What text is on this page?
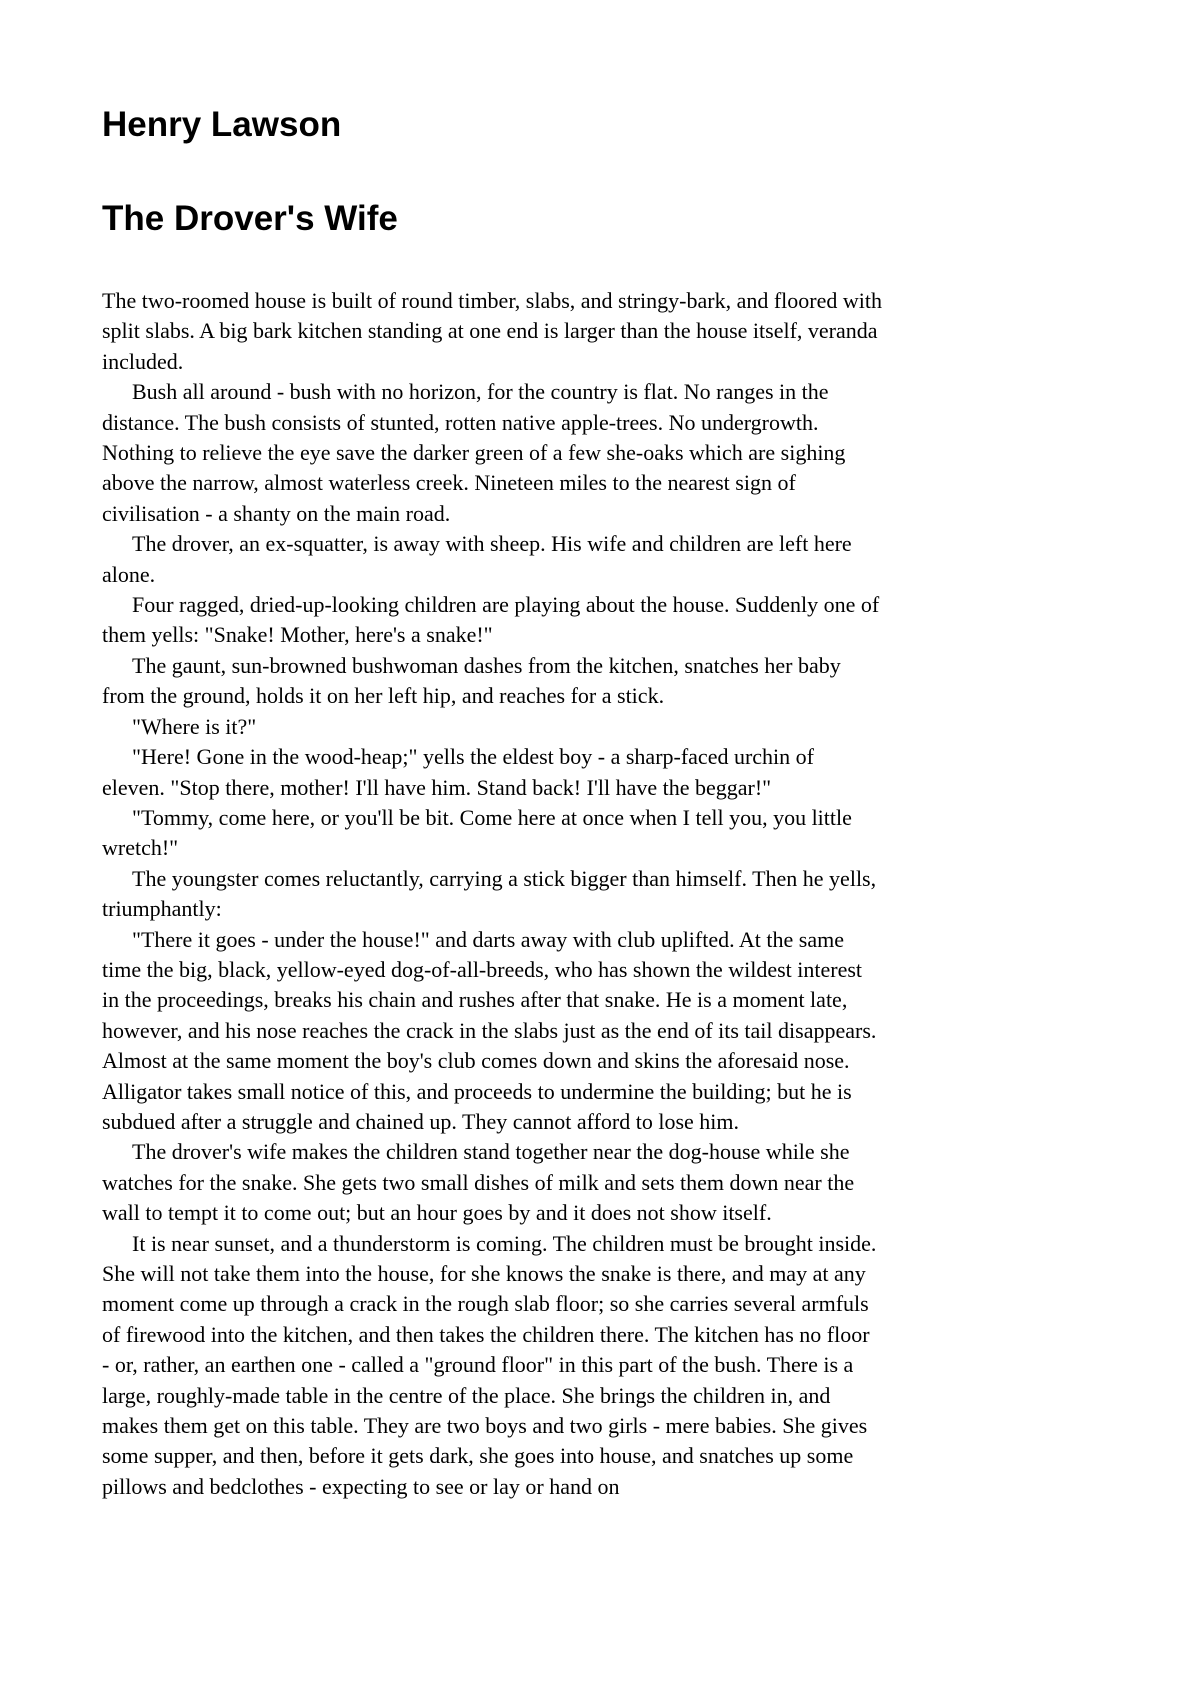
Henry Lawson
The Drover's Wife

The two-roomed house is built of round timber, slabs, and stringy-bark, and floored with split slabs. A big bark kitchen standing at one end is larger than the house itself, veranda included.

Bush all around - bush with no horizon, for the country is flat. No ranges in the distance. The bush consists of stunted, rotten native apple-trees. No undergrowth. Nothing to relieve the eye save the darker green of a few she-oaks which are sighing above the narrow, almost waterless creek. Nineteen miles to the nearest sign of civilisation - a shanty on the main road.

The drover, an ex-squatter, is away with sheep. His wife and children are left here alone.

Four ragged, dried-up-looking children are playing about the house. Suddenly one of them yells: "Snake! Mother, here's a snake!"

The gaunt, sun-browned bushwoman dashes from the kitchen, snatches her baby from the ground, holds it on her left hip, and reaches for a stick.

"Where is it?"

"Here! Gone in the wood-heap;" yells the eldest boy - a sharp-faced urchin of eleven. "Stop there, mother! I'll have him. Stand back! I'll have the beggar!"

"Tommy, come here, or you'll be bit. Come here at once when I tell you, you little wretch!"

The youngster comes reluctantly, carrying a stick bigger than himself. Then he yells, triumphantly:

"There it goes - under the house!" and darts away with club uplifted. At the same time the big, black, yellow-eyed dog-of-all-breeds, who has shown the wildest interest in the proceedings, breaks his chain and rushes after that snake. He is a moment late, however, and his nose reaches the crack in the slabs just as the end of its tail disappears. Almost at the same moment the boy's club comes down and skins the aforesaid nose. Alligator takes small notice of this, and proceeds to undermine the building; but he is subdued after a struggle and chained up. They cannot afford to lose him.

The drover's wife makes the children stand together near the dog-house while she watches for the snake. She gets two small dishes of milk and sets them down near the wall to tempt it to come out; but an hour goes by and it does not show itself.

It is near sunset, and a thunderstorm is coming. The children must be brought inside. She will not take them into the house, for she knows the snake is there, and may at any moment come up through a crack in the rough slab floor; so she carries several armfuls of firewood into the kitchen, and then takes the children there. The kitchen has no floor - or, rather, an earthen one - called a "ground floor" in this part of the bush. There is a large, roughly-made table in the centre of the place. She brings the children in, and makes them get on this table. They are two boys and two girls - mere babies. She gives some supper, and then, before it gets dark, she goes into house, and snatches up some pillows and bedclothes - expecting to see or lay or hand on
